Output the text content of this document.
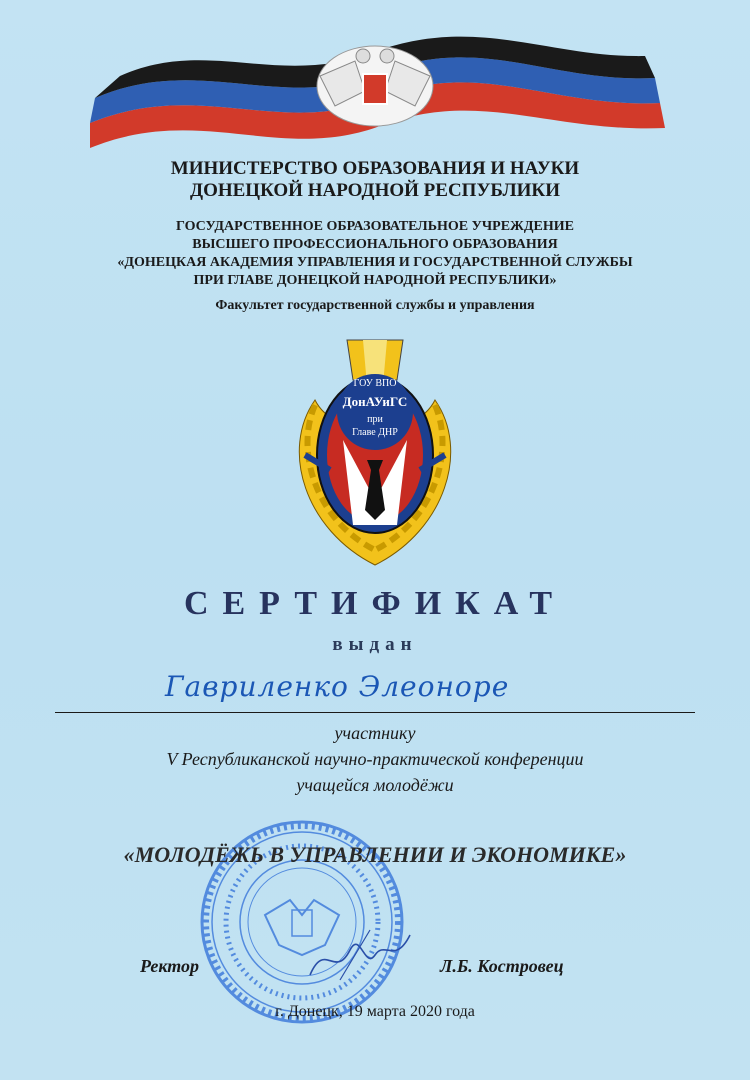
МИНИСТЕРСТВО ОБРАЗОВАНИЯ И НАУКИ
ДОНЕЦКОЙ НАРОДНОЙ РЕСПУБЛИКИ
ГОСУДАРСТВЕННОЕ ОБРАЗОВАТЕЛЬНОЕ УЧРЕЖДЕНИЕ
ВЫСШЕГО ПРОФЕССИОНАЛЬНОГО ОБРАЗОВАНИЯ
«ДОНЕЦКАЯ АКАДЕМИЯ УПРАВЛЕНИЯ И ГОСУДАРСТВЕННОЙ СЛУЖБЫ
ПРИ ГЛАВЕ ДОНЕЦКОЙ НАРОДНОЙ РЕСПУБЛИКИ»
Факультет государственной службы и управления
ГОУ ВПО
ДонАУиГС
при
Главе ДНР
СЕРТИФИКАТ
выдан
Гавриленко Элеоноре
участнику
V Республиканской научно-практической конференции
учащейся молодёжи
«МОЛОДЁЖЬ В УПРАВЛЕНИИ И ЭКОНОМИКЕ»
Ректор	Л.Б. Костровец
г. Донецк, 19 марта 2020 года
